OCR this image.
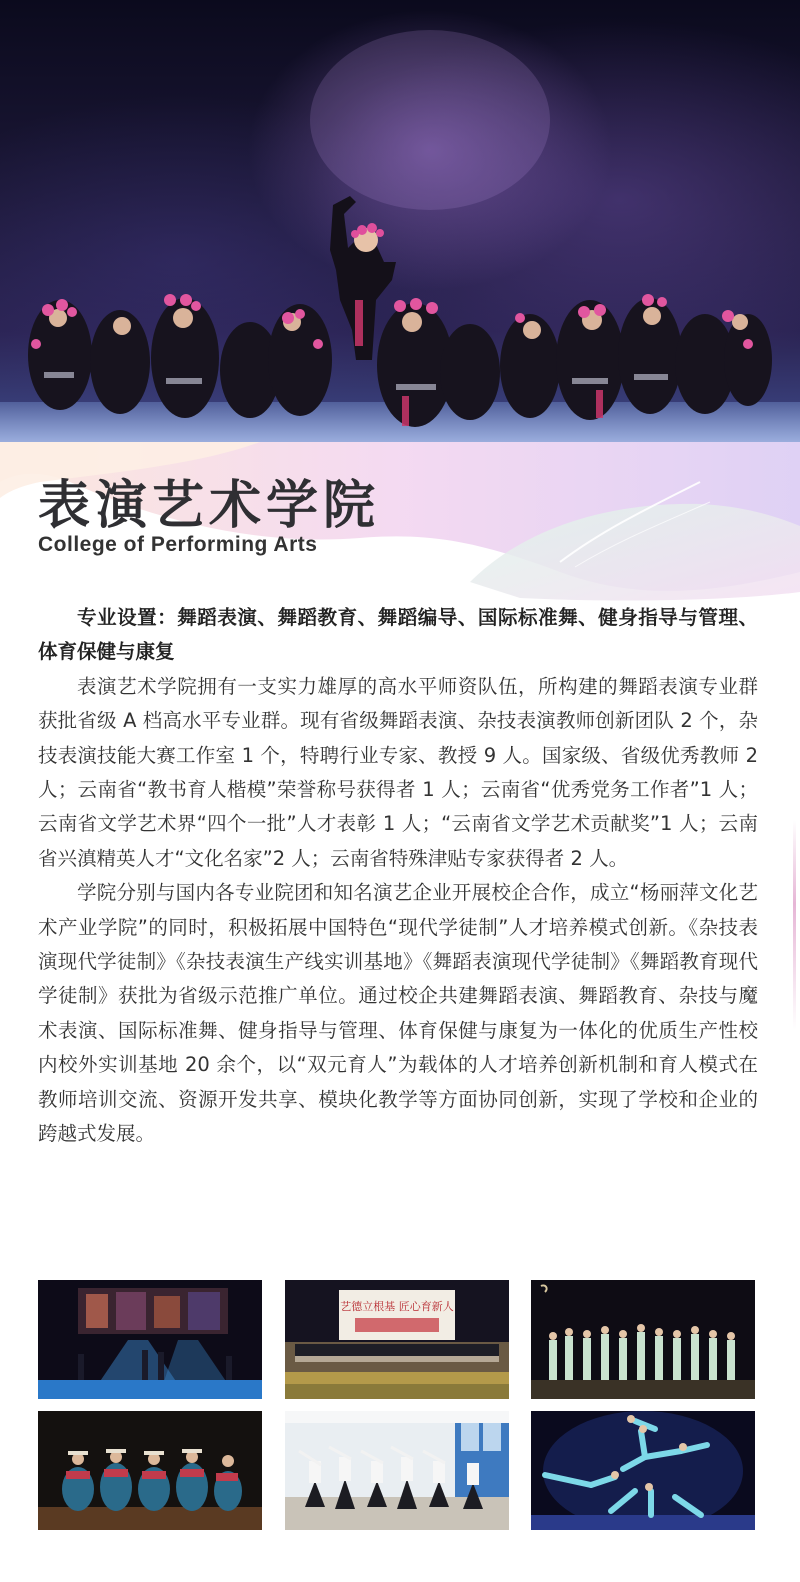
表演艺术学院
College of Performing Arts

专业设置：舞蹈表演、舞蹈教育、舞蹈编导、国际标准舞、健身指导与管理、体育保健与康复

表演艺术学院拥有一支实力雄厚的高水平师资队伍，所构建的舞蹈表演专业群获批省级 A 档高水平专业群。现有省级舞蹈表演、杂技表演教师创新团队 2 个，杂技表演技能大赛工作室 1 个，特聘行业专家、教授 9 人。国家级、省级优秀教师 2 人；云南省“教书育人楷模”荣誉称号获得者 1 人；云南省“优秀党务工作者”1 人；云南省文学艺术界“四个一批”人才表彰 1 人；“云南省文学艺术贡献奖”1 人；云南省兴滇精英人才“文化名家”2 人；云南省特殊津贴专家获得者 2 人。

学院分别与国内各专业院团和知名演艺企业开展校企合作，成立“杨丽萍文化艺术产业学院”的同时，积极拓展中国特色“现代学徒制”人才培养模式创新。《杂技表演现代学徒制》《杂技表演生产线实训基地》《舞蹈表演现代学徒制》《舞蹈教育现代学徒制》获批为省级示范推广单位。通过校企共建舞蹈表演、舞蹈教育、杂技与魔术表演、国际标准舞、健身指导与管理、体育保健与康复为一体化的优质生产性校内校外实训基地 20 余个，以“双元育人”为载体的人才培养创新机制和育人模式在教师培训交流、资源开发共享、模块化教学等方面协同创新，实现了学校和企业的跨越式发展。

艺德立根基 匠心育新人
